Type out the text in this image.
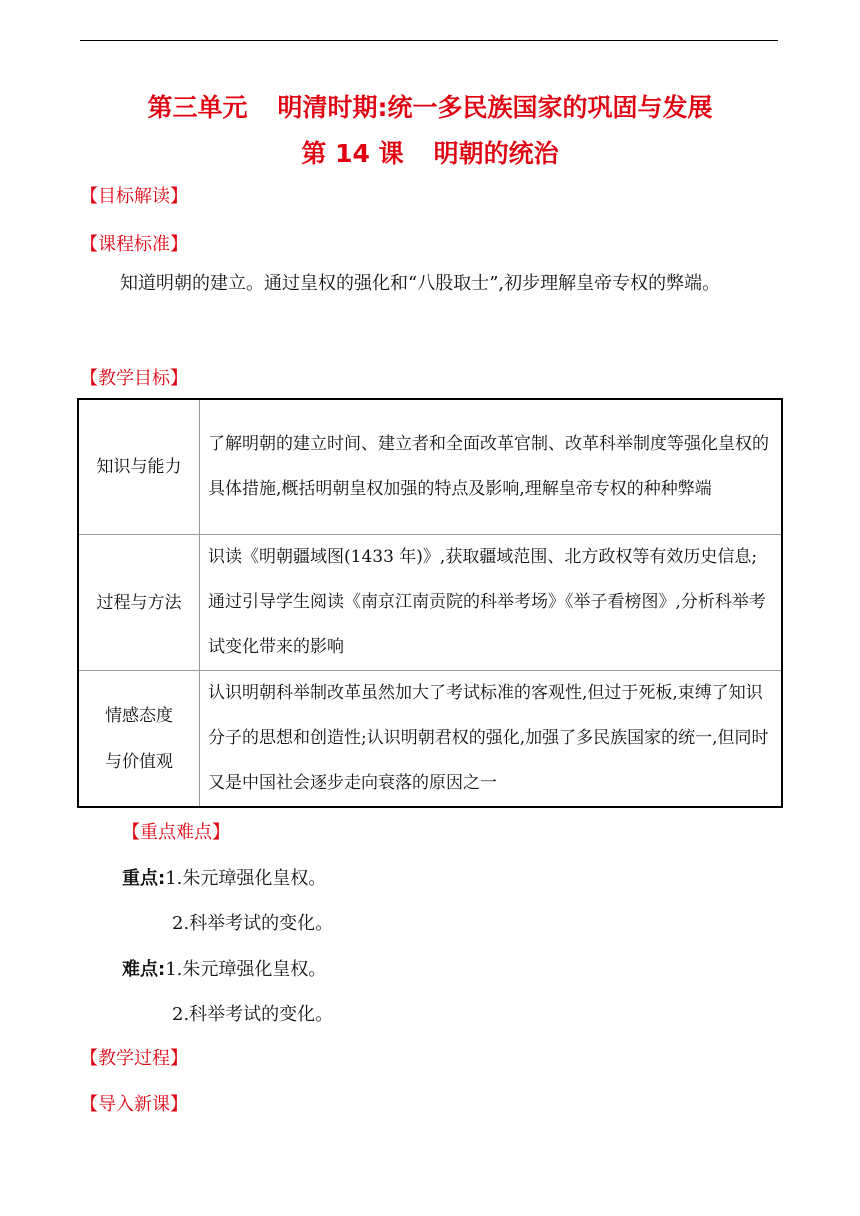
第三单元 明清时期:统一多民族国家的巩固与发展
第 14 课 明朝的统治
【目标解读】
【课程标准】
知道明朝的建立。通过皇权的强化和“八股取士”,初步理解皇帝专权的弊端。
【教学目标】
知识与能力	了解明朝的建立时间、建立者和全面改革官制、改革科举制度等强化皇权的具体措施,概括明朝皇权加强的特点及影响,理解皇帝专权的种种弊端
过程与方法	识读《明朝疆域图(1433 年)》,获取疆域范围、北方政权等有效历史信息;通过引导学生阅读《南京江南贡院的科举考场》《举子看榜图》,分析科举考试变化带来的影响

情感态度
与价值观	认识明朝科举制改革虽然加大了考试标准的客观性,但过于死板,束缚了知识分子的思想和创造性;认识明朝君权的强化,加强了多民族国家的统一,但同时又是中国社会逐步走向衰落的原因之一
【重点难点】
重点:1.朱元璋强化皇权。
2.科举考试的变化。
难点:1.朱元璋强化皇权。
2.科举考试的变化。
【教学过程】
【导入新课】
